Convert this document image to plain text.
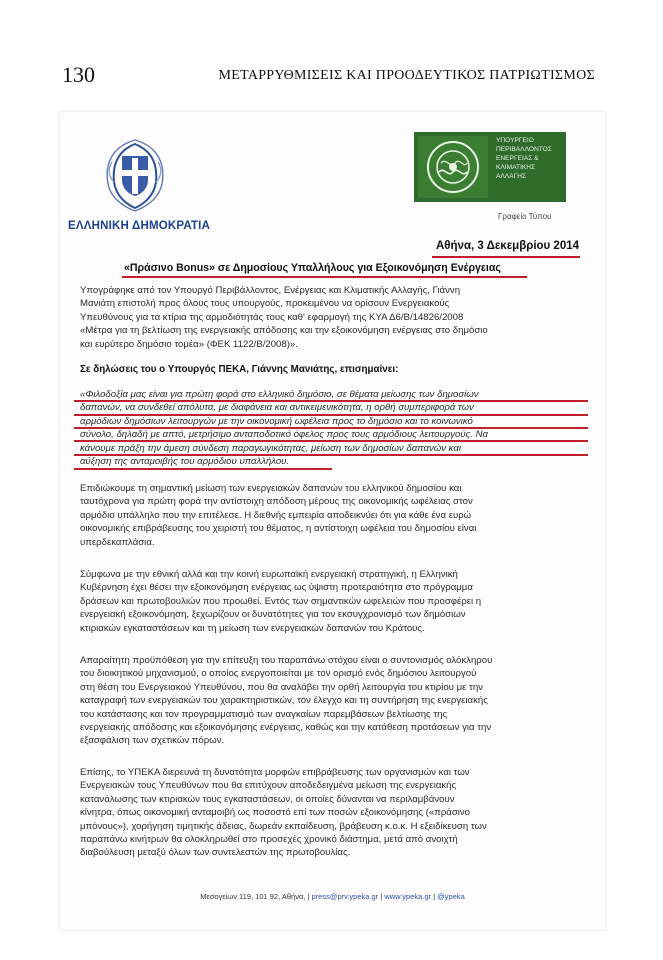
130	ΜΕΤΑΡΡΥΘΜΙΣΕΙΣ ΚΑΙ ΠΡΟΟΔΕΥΤΙΚΟΣ ΠΑΤΡΙΩΤΙΣΜΟΣ
ΕΛΛΗΝΙΚΗ ΔΗΜΟΚΡΑΤΙΑ
ΥΠΟΥΡΓΕΙΟ
ΠΕΡΙΒΑΛΛΟΝΤΟΣ
ΕΝΕΡΓΕΙΑΣ &
ΚΛΙΜΑΤΙΚΗΣ
ΑΛΛΑΓΗΣ
Γραφείο Τύπου
Αθήνα, 3 Δεκεμβρίου 2014
«Πράσινο Bonus» σε Δημοσίους Υπαλλήλους για Εξοικονόμηση Ενέργειας
Υπογράφηκε από τον Υπουργό Περιβάλλοντος, Ενέργειας και Κλιματικής Αλλαγής, Γιάννη
Μανιάτη επιστολή προς όλους τους υπουργούς, προκειμένου να ορίσουν Ενεργειακούς
Υπευθύνους για τα κτίρια της αρμοδιότητάς τους καθ' εφαρμογή της ΚΥΑ Δ6/Β/14826/2008
«Μέτρα για τη βελτίωση της ενεργειακής απόδοσης και την εξοικονόμηση ενέργειας στο δημόσιο
και ευρύτερο δημόσιο τομέα» (ΦΕΚ 1122/Β/2008)».
Σε δηλώσεις του ο Υπουργός ΠΕΚΑ, Γιάννης Μανιάτης, επισημαίνει:
«Φιλοδοξία μας είναι για πρώτη φορά στο ελληνικό δημόσιο, σε θέματα μείωσης των δημοσίων
δαπανών, να συνδεθεί απόλυτα, με διαφάνεια και αντικειμενικότητα, η ορθή συμπεριφορά των
αρμόδιων δημόσιων λειτουργών με την οικονομική ωφέλεια προς το δημόσιο και το κοινωνικό
σύνολο, δηλαδή με απτό, μετρήσιμο ανταποδοτικό όφελος προς τους αρμόδιους λειτουργούς. Να
κάνουμε πράξη την άμεση σύνδεση παραγωγικότητας, μείωση των δημοσίων δαπανών και
αύξηση της ανταμοιβής του αρμόδιου υπαλλήλου.
Επιδιώκουμε τη σημαντική μείωση των ενεργειακών δαπανών του ελληνικού δημοσίου και
ταυτόχρονα για πρώτη φορά την αντίστοιχη απόδοση μέρους της οικονομικής ωφέλειας στον
αρμόδιο υπάλληλο που την επιτέλεσε. Η διεθνής εμπειρία αποδεικνύει ότι για κάθε ένα ευρώ
οικονομικής επιβράβευσης του χειριστή του θέματος, η αντίστοιχη ωφέλεια του δημοσίου είναι
υπερδεκαπλάσια.
Σύμφωνα με την εθνική αλλά και την κοινή ευρωπαϊκή ενεργειακή στρατηγική, η Ελληνική
Κυβέρνηση έχει θέσει την εξοικονόμηση ενέργειας ως ύψιστη προτεραιότητα στο πρόγραμμα
δράσεων και πρωτοβουλιών που προωθεί. Εντός των σημαντικών ωφελειών που προσφέρει η
ενεργειακή εξοικονόμηση, ξεχωρίζουν οι δυνατότητες για τον εκσυγχρονισμό των δημόσιων
κτιριακών εγκαταστάσεων και τη μείωση των ενεργειακών δαπανών του Κράτους.
Απαραίτητη προϋπόθεση για την επίτευξη του παραπάνω στόχου είναι ο συντονισμός ολόκληρου
του διοικητικού μηχανισμού, ο οποίος ενεργοποιείται με τον ορισμό ενός δημόσιου λειτουργού
στη θέση του Ενεργειακού Υπευθύνου, που θα αναλάβει την ορθή λειτουργία του κτιρίου με την
καταγραφή των ενεργειακών του χαρακτηριστικών, τον έλεγχο και τη συντήρηση της ενεργειακής
του κατάστασης και τον προγραμματισμό των αναγκαίων παρεμβάσεων βελτίωσης της
ενεργειακής απόδοσης και εξοικονόμησης ενέργειας, καθώς και την κατάθεση προτάσεων για την
εξασφάλιση των σχετικών πόρων.
Επίσης, το ΥΠΕΚΑ διερευνά τη δυνατότητα μορφών επιβράβευσης των οργανισμών και των
Ενεργειακών τους Υπευθύνων που θα επιτύχουν αποδεδειγμένα μείωση της ενεργειακής
κατανάλωσης των κτιριακών τους εγκαταστάσεων, οι οποίες δύνανται να περιλαμβάνουν
κίνητρα, όπως οικονομική ανταμοιβή ως ποσοστό επί των ποσών εξοικονόμησης («πράσινο
μπόνους»), χορήγηση τιμητικής άδειας, δωρεάν εκπαίδευση, βράβευση κ.ο.κ. Η εξειδίκευση των
παραπάνω κινήτρων θα ολοκληρωθεί στο προσεχές χρονικό διάστημα, μετά από ανοιχτή
διαβούλευση μεταξύ όλων των συντελεστών της πρωτοβουλίας.
Μεσογείων 119, 101 92, Αθήνα, | press@prv.ypeka.gr | www.ypeka.gr | @ypeka
